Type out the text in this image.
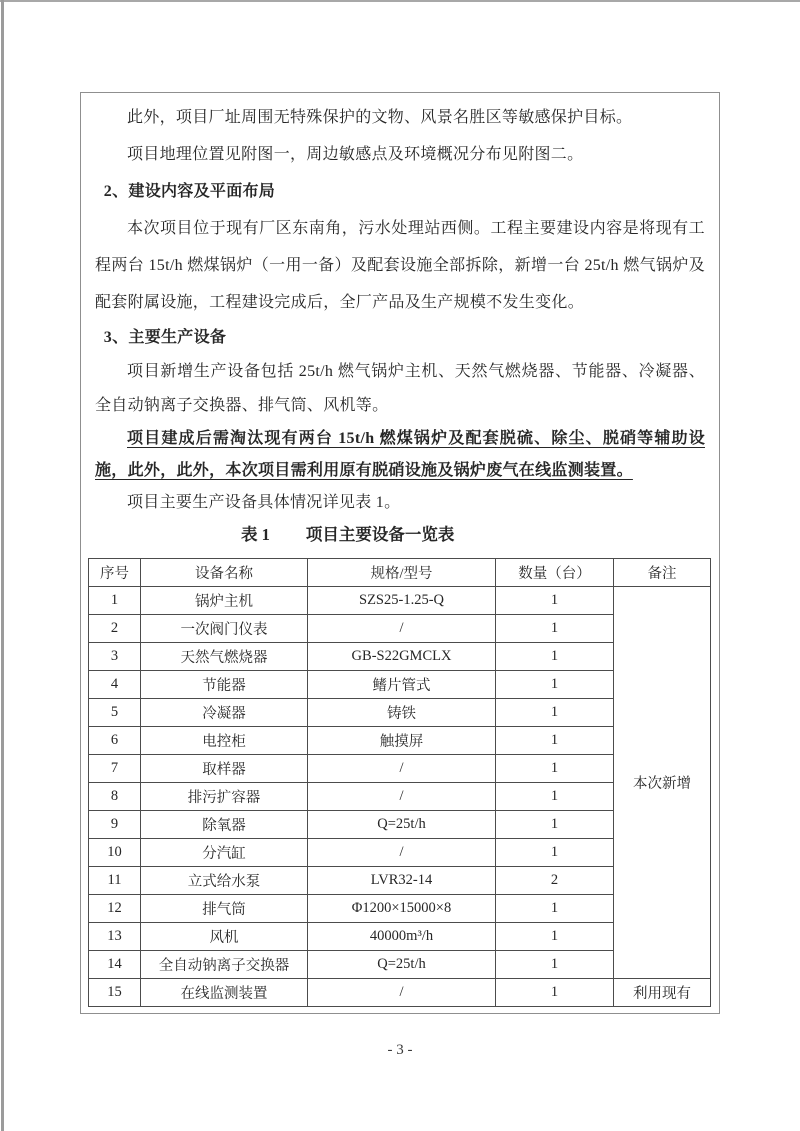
此外，项目厂址周围无特殊保护的文物、风景名胜区等敏感保护目标。

项目地理位置见附图一，周边敏感点及环境概况分布见附图二。

2、建设内容及平面布局

本次项目位于现有厂区东南角，污水处理站西侧。工程主要建设内容是将现有工程两台 15t/h 燃煤锅炉（一用一备）及配套设施全部拆除，新增一台 25t/h 燃气锅炉及配套附属设施，工程建设完成后，全厂产品及生产规模不发生变化。

3、主要生产设备

项目新增生产设备包括 25t/h 燃气锅炉主机、天然气燃烧器、节能器、冷凝器、全自动钠离子交换器、排气筒、风机等。

项目建成后需淘汰现有两台 15t/h 燃煤锅炉及配套脱硫、除尘、脱硝等辅助设施，此外，此外，本次项目需利用原有脱硝设施及锅炉废气在线监测装置。

项目主要生产设备具体情况详见表 1。

表 1 项目主要设备一览表
序号	设备名称	规格/型号	数量（台）	备注
1	锅炉主机	SZS25-1.25-Q	1	本次新增
2	一次阀门仪表	/	1	
3	天然气燃烧器	GB-S22GMCLX	1	
4	节能器	鳍片管式	1	
5	冷凝器	铸铁	1	
6	电控柜	触摸屏	1	
7	取样器	/	1	
8	排污扩容器	/	1	
9	除氧器	Q=25t/h	1	
10	分汽缸	/	1	
11	立式给水泵	LVR32-14	2	
12	排气筒	Φ1200×15000×8	1	
13	风机	40000m³/h	1	
14	全自动钠离子交换器	Q=25t/h	1	
15	在线监测装置	/	1	利用现有
- 3 -
